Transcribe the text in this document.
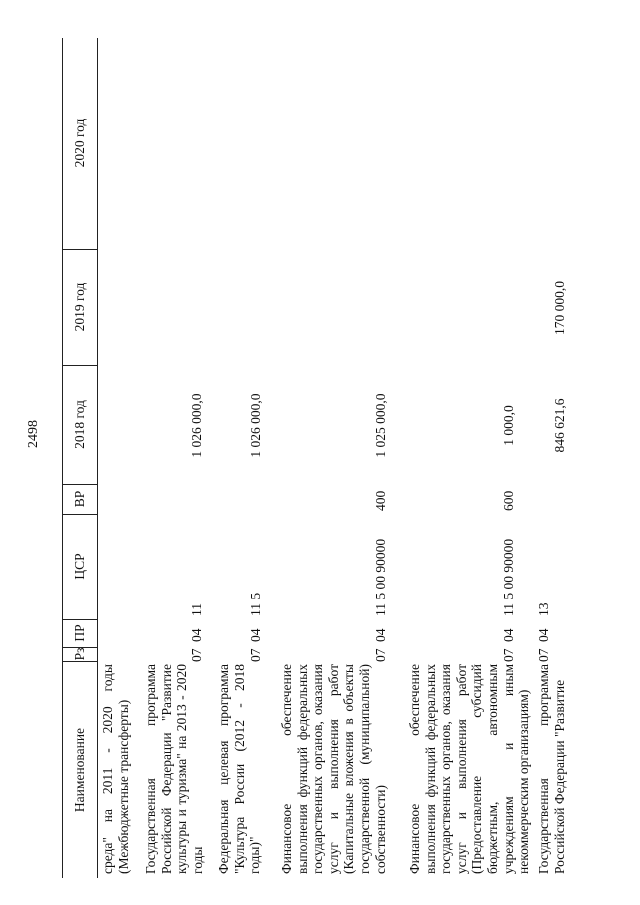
2498
Наименование
Рз
ПР
ЦСР
ВР
2018 год
2019 год
2020 год
среда" на 2011 - 2020 годы (Межбюджетные трансферты) Государственная программа Российской Федерации "Развитие культуры и туризма" на 2013 - 2020 годы
07
04
11
1 026 000,0
Федеральная целевая программа "Культура России (2012 - 2018 годы)"
07
04
11 5
1 026 000,0
Финансовое обеспечение выполнения функций федеральных государственных органов, оказания услуг и выполнения работ (Капитальные вложения в объекты государственной (муниципальной) собственности)
07
04
11 5 00 90000
400
1 025 000,0
Финансовое обеспечение выполнения функций федеральных государственных органов, оказания услуг и выполнения работ (Предоставление субсидий бюджетным, автономным учреждениям и иным некоммерческим организациям)
07
04
11 5 00 90000
600
1 000,0
Государственная программа Российской Федерации "Развитие
07
04
13
846 621,6
170 000,0
